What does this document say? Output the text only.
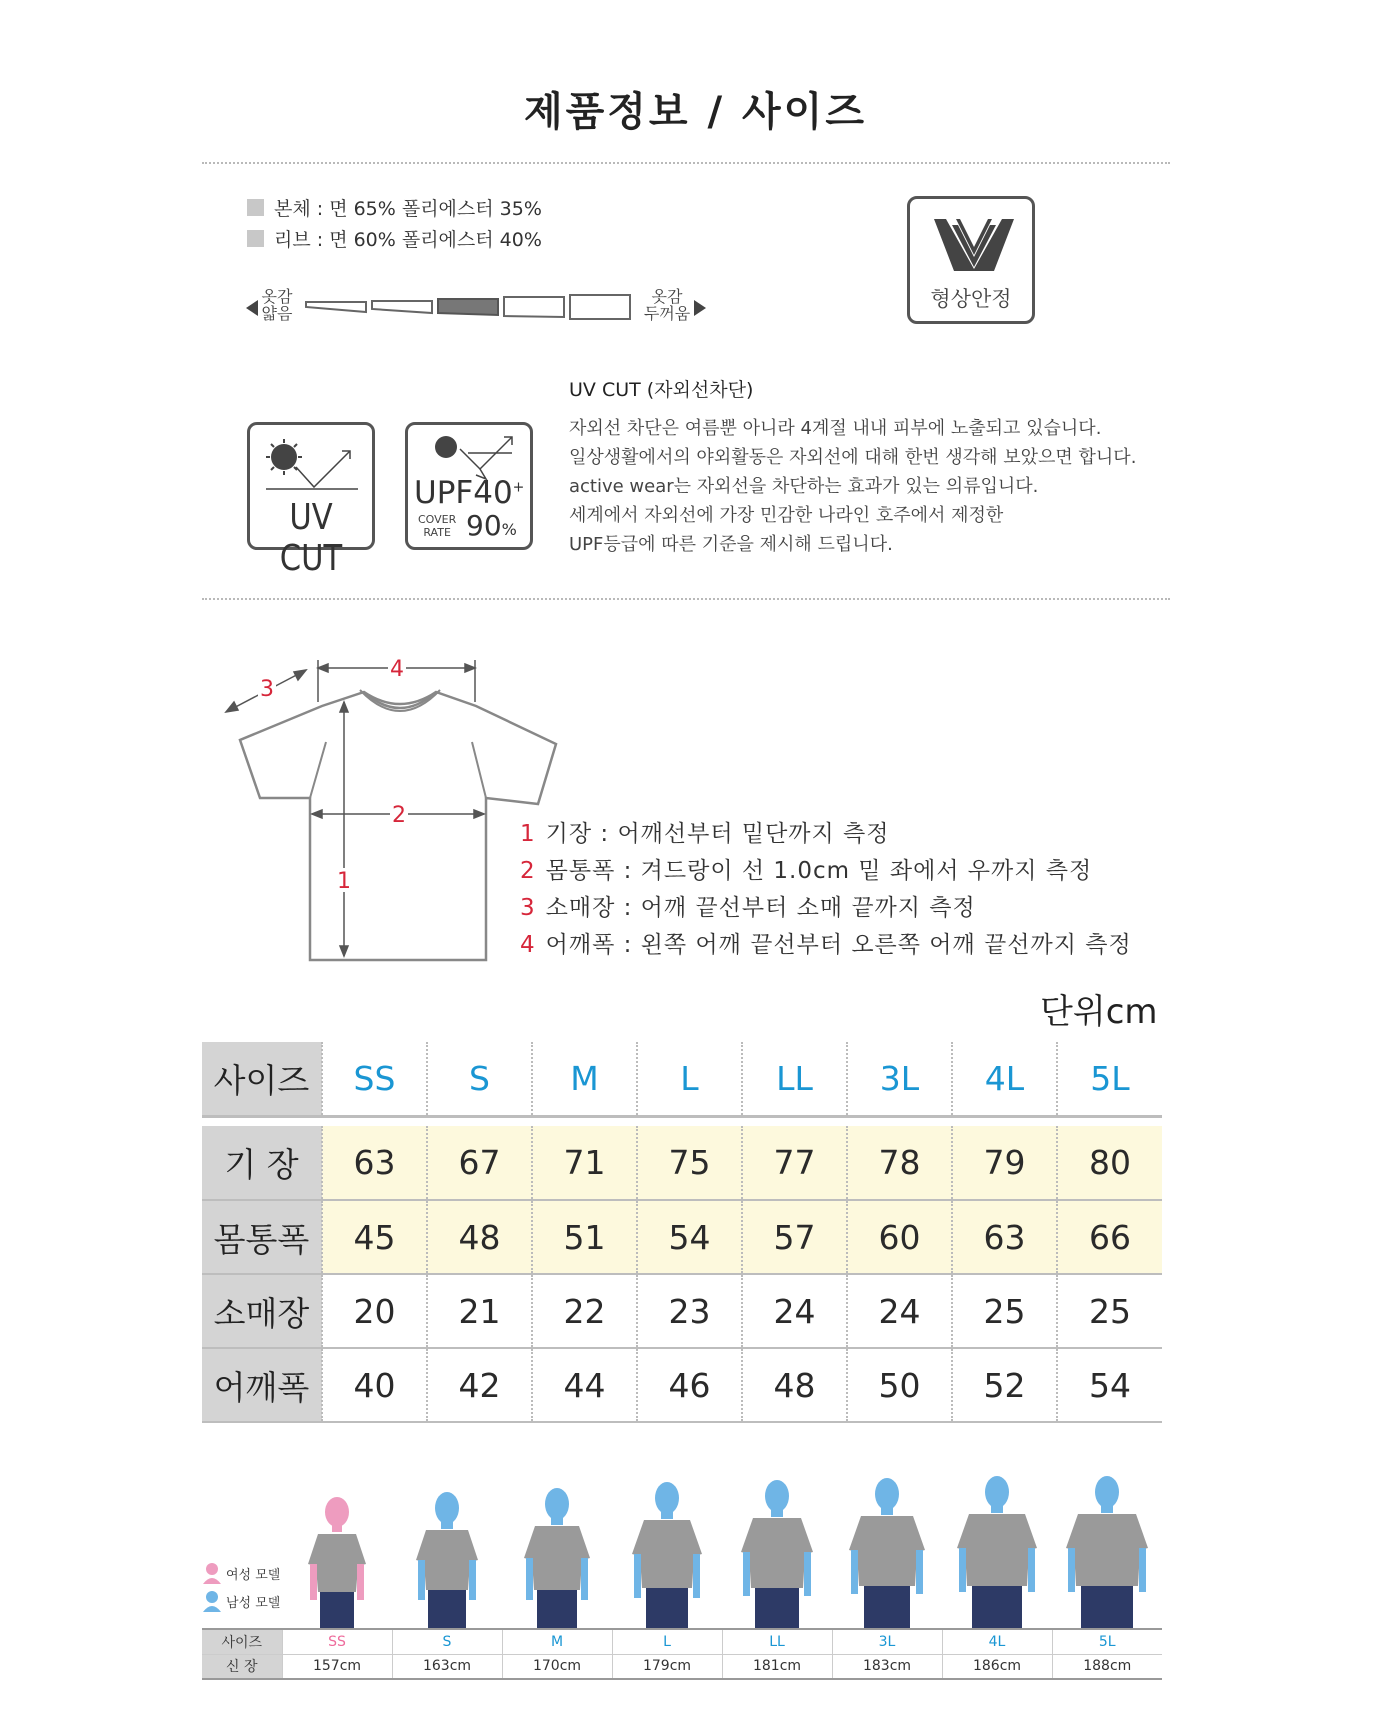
제품정보 / 사이즈
본체 : 면 65% 폴리에스터 35%
리브 : 면 60% 폴리에스터 40%
옷감
얇음
옷감
두꺼움
형상안정
UV CUT
UPF40+
COVER
RATE 90%
UV CUT (자외선차단)
자외선 차단은 여름뿐 아니라 4계절 내내 피부에 노출되고 있습니다.
일상생활에서의 야외활동은 자외선에 대해 한번 생각해 보았으면 합니다.
active wear는 자외선을 차단하는 효과가 있는 의류입니다.
세계에서 자외선에 가장 민감한 나라인 호주에서 제정한
UPF등급에 따른 기준을 제시해 드립니다.
4
3
2
1
1 기장 : 어깨선부터 밑단까지 측정
2 몸통폭 : 겨드랑이 선 1.0cm 밑 좌에서 우까지 측정
3 소매장 : 어깨 끝선부터 소매 끝까지 측정
4 어깨폭 : 왼쪽 어깨 끝선부터 오른쪽 어깨 끝선까지 측정
단위cm
사이즈	SS	S	M	L	LL	3L	4L	5L

기 장	63	67	71	75	77	78	79	80
몸통폭	45	48	51	54	57	60	63	66
소매장	20	21	22	23	24	24	25	25
어깨폭	40	42	44	46	48	50	52	54
여성 모델
남성 모델
사이즈	SS	S	M	L	LL	3L	4L	5L
신 장	157cm	163cm	170cm	179cm	181cm	183cm	186cm	188cm
